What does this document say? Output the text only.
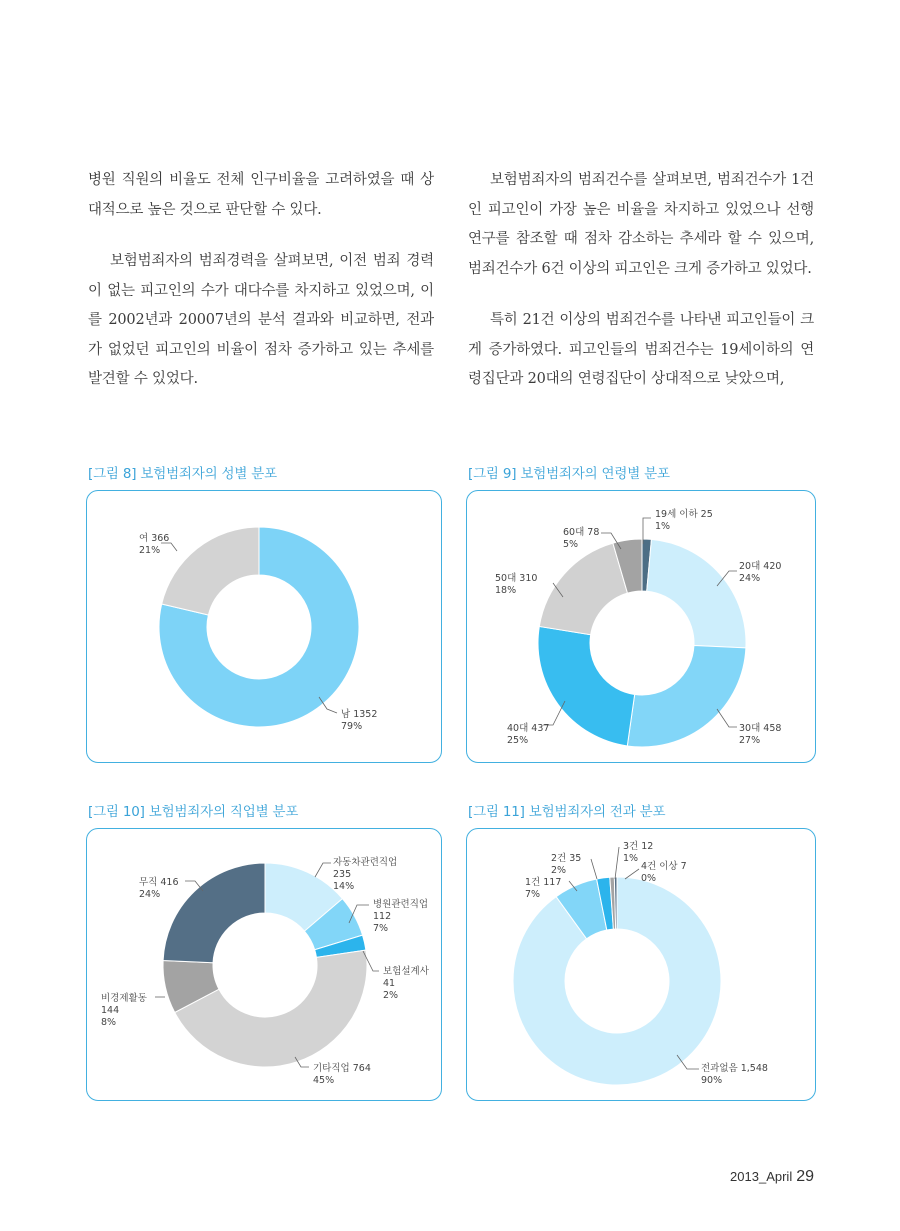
병원 직원의 비율도 전체 인구비율을 고려하였을 때 상대적으로 높은 것으로 판단할 수 있다.

보험범죄자의 범죄경력을 살펴보면, 이전 범죄 경력이 없는 피고인의 수가 대다수를 차지하고 있었으며, 이를 2002년과 20007년의 분석 결과와 비교하면, 전과가 없었던 피고인의 비율이 점차 증가하고 있는 추세를 발견할 수 있었다.

보험범죄자의 범죄건수를 살펴보면, 범죄건수가 1건인 피고인이 가장 높은 비율을 차지하고 있었으나 선행연구를 참조할 때 점차 감소하는 추세라 할 수 있으며, 범죄건수가 6건 이상의 피고인은 크게 증가하고 있었다.

특히 21건 이상의 범죄건수를 나타낸 피고인들이 크게 증가하였다. 피고인들의 범죄건수는 19세이하의 연령집단과 20대의 연령집단이 상대적으로 낮았으며,

[그림 8] 보험범죄자의 성별 분포
여 366
21%
남 1352
79%
[그림 9] 보험범죄자의 연령별 분포
19세 이하 25
1%
20대 420
24%
30대 458
27%
40대 437
25%
50대 310
18%
60대 78
5%
[그림 10] 보험범죄자의 직업별 분포
자동차관련직업
235
14%
병원관련직업
112
7%
보험설계사
41
2%
기타직업 764
45%
비경제활동
144
8%
무직 416
24%
[그림 11] 보험범죄자의 전과 분포
전과없음 1,548
90%
1건 117
7%
2건 35
2%
3건 12
1%
4건 이상 7
0%
2013_April 29
